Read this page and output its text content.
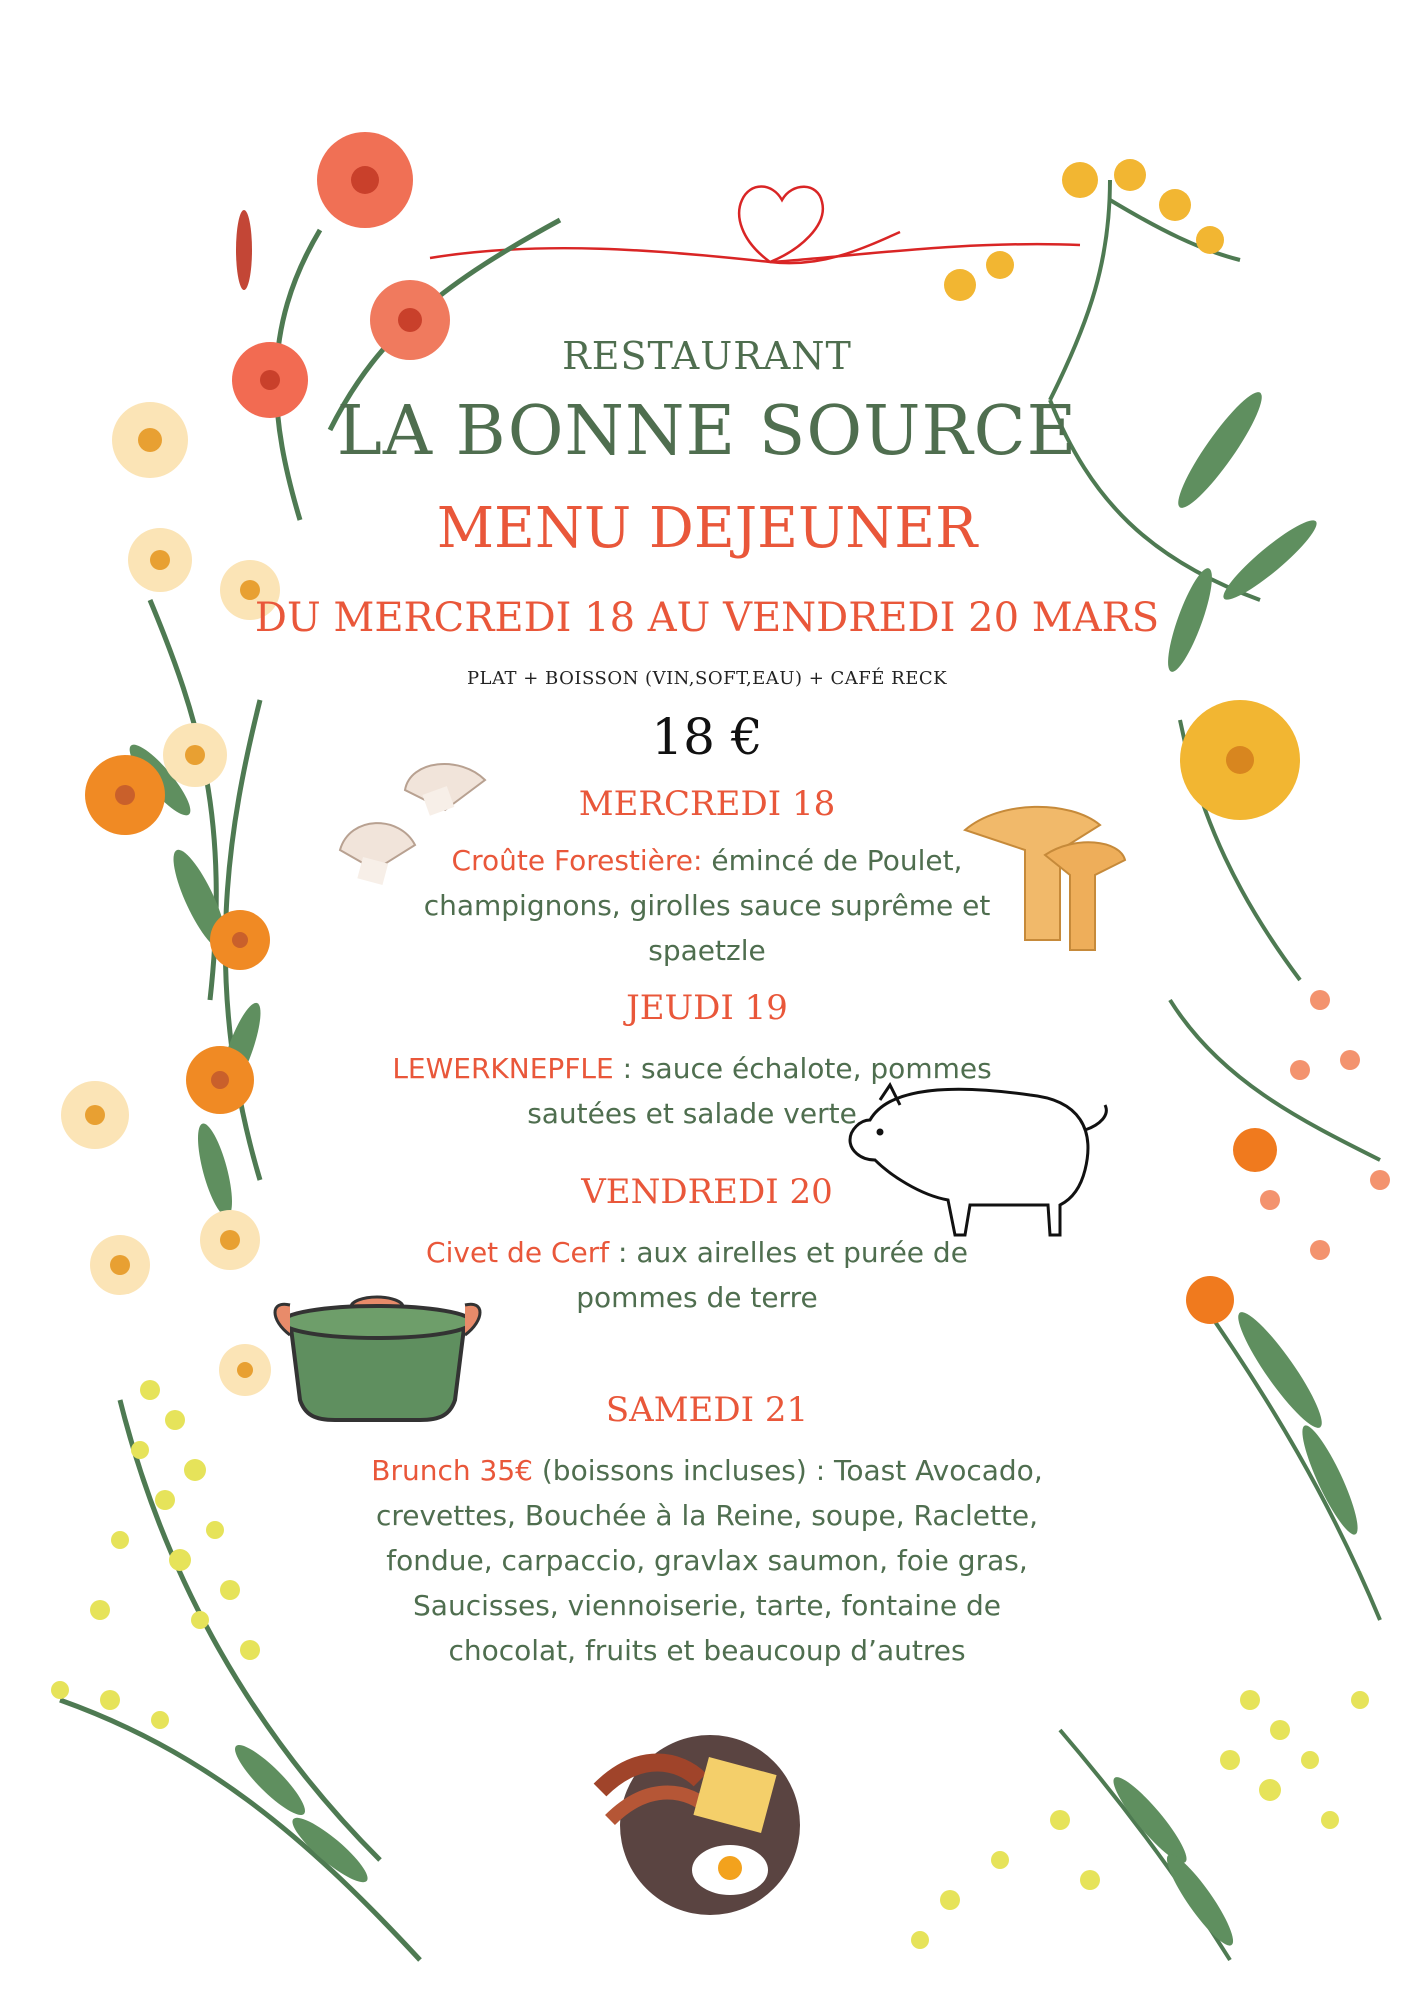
RESTAURANT
LA BONNE SOURCE
MENU DEJEUNER
DU MERCREDI 18 AU VENDREDI 20 MARS
PLAT + BOISSON (VIN,SOFT,EAU) + CAFÉ RECK
18 €
MERCREDI 18
Croûte Forestière: émincé de Poulet, champignons, girolles sauce suprême et spaetzle
JEUDI 19
LEWERKNEPFLE : sauce échalote, pommes sautées et salade verte
VENDREDI 20
Civet de Cerf : aux airelles et purée de pommes de terre
SAMEDI 21
Brunch 35€ (boissons incluses) : Toast Avocado, crevettes, Bouchée à la Reine, soupe, Raclette, fondue, carpaccio, gravlax saumon, foie gras, Saucisses, viennoiserie, tarte, fontaine de chocolat, fruits et beaucoup d’autres
